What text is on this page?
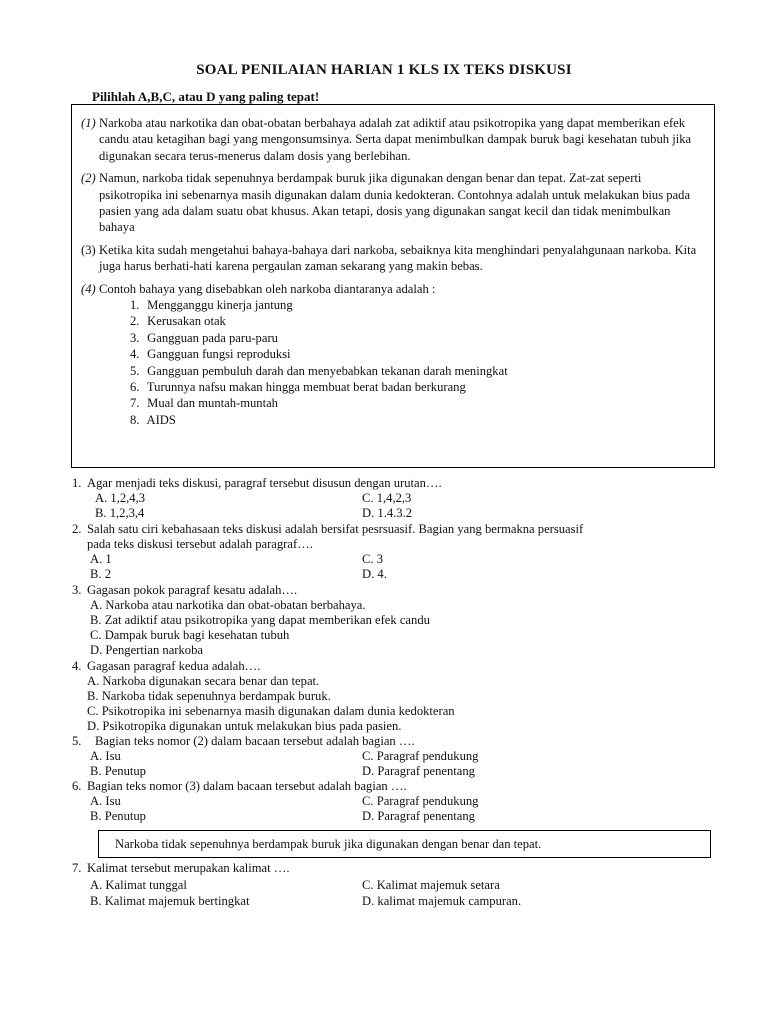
SOAL PENILAIAN HARIAN 1 KLS IX TEKS DISKUSI
Pilihlah A,B,C, atau D yang paling tepat!
(1) Narkoba atau narkotika dan obat-obatan berbahaya adalah zat adiktif atau psikotropika yang dapat memberikan efek candu atau ketagihan bagi yang mengonsumsinya. Serta dapat menimbulkan dampak buruk bagi kesehatan tubuh jika digunakan secara terus-menerus dalam dosis yang berlebihan.
(2) Namun, narkoba tidak sepenuhnya berdampak buruk jika digunakan dengan benar dan tepat. Zat-zat seperti psikotropika ini sebenarnya masih digunakan dalam dunia kedokteran. Contohnya adalah untuk melakukan bius pada pasien yang ada dalam suatu obat khusus. Akan tetapi, dosis yang digunakan sangat kecil dan tidak menimbulkan bahaya
(3) Ketika kita sudah mengetahui bahaya-bahaya dari narkoba, sebaiknya kita menghindari penyalahgunaan narkoba. Kita juga harus berhati-hati karena pergaulan zaman sekarang yang makin bebas.
(4) Contoh bahaya yang disebabkan oleh narkoba diantaranya adalah :
1. Mengganggu kinerja jantung
2. Kerusakan otak
3. Gangguan pada paru-paru
4. Gangguan fungsi reproduksi
5. Gangguan pembuluh darah dan menyebabkan tekanan darah meningkat
6. Turunnya nafsu makan hingga membuat berat badan berkurang
7. Mual dan muntah-muntah
8. AIDS
1. Agar menjadi teks diskusi, paragraf tersebut disusun dengan urutan….
A. 1,2,4,3
B. 1,2,3,4
C. 1,4,2,3
D. 1.4.3.2
2. Salah satu ciri kebahasaan teks diskusi adalah bersifat pesrsuasif. Bagian yang bermakna persuasif
pada teks diskusi tersebut adalah paragraf….
A. 1
B. 2
C. 3
D. 4.
3. Gagasan pokok paragraf kesatu adalah….
A. Narkoba atau narkotika dan obat-obatan berbahaya.
B. Zat adiktif atau psikotropika yang dapat memberikan efek candu
C. Dampak buruk bagi kesehatan tubuh
D. Pengertian narkoba
4. Gagasan paragraf kedua adalah….
A. Narkoba digunakan secara benar dan tepat.
B. Narkoba tidak sepenuhnya berdampak buruk.
C. Psikotropika ini sebenarnya masih digunakan dalam dunia kedokteran
D. Psikotropika digunakan untuk melakukan bius pada pasien.
5. Bagian teks nomor (2) dalam bacaan tersebut adalah bagian ….
A. Isu
B. Penutup
C. Paragraf pendukung
D. Paragraf penentang
6. Bagian teks nomor (3) dalam bacaan tersebut adalah bagian ….
A. Isu
B. Penutup
C. Paragraf pendukung
D. Paragraf penentang
Narkoba tidak sepenuhnya berdampak buruk jika digunakan dengan benar dan tepat.
7. Kalimat tersebut merupakan kalimat ….
A. Kalimat tunggal
B. Kalimat majemuk bertingkat
C. Kalimat majemuk setara
D. kalimat majemuk campuran.
